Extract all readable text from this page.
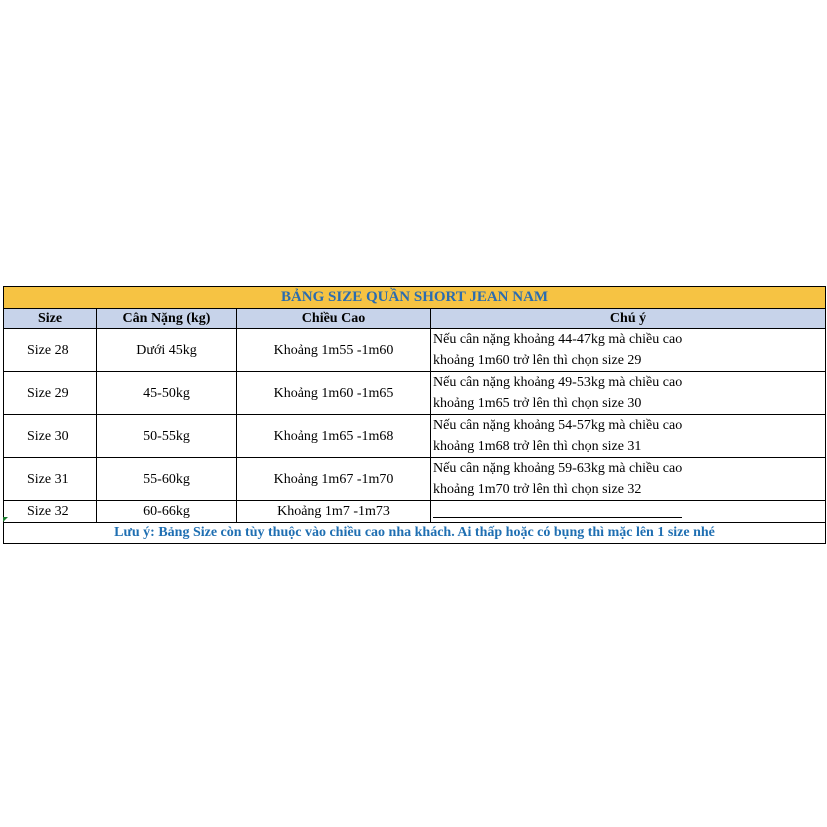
BẢNG SIZE QUẦN SHORT JEAN NAM			
Size	Cân Nặng (kg)	Chiều Cao	Chú ý
Size 28	Dưới 45kg	Khoảng 1m55 -1m60	Nếu cân nặng khoảng 44-47kg mà chiều cao
khoảng 1m60 trở lên thì chọn size 29

Size 29	45-50kg	Khoảng 1m60 -1m65	Nếu cân nặng khoảng 49-53kg mà chiều cao
khoảng 1m65 trở lên thì chọn size 30

Size 30	50-55kg	Khoảng 1m65 -1m68	Nếu cân nặng khoảng 54-57kg mà chiều cao
khoảng 1m68 trở lên thì chọn size 31

Size 31	55-60kg	Khoảng 1m67 -1m70	Nếu cân nặng khoảng 59-63kg mà chiều cao
khoảng 1m70 trở lên thì chọn size 32

Size 32	60-66kg	Khoảng 1m7 -1m73	
Lưu ý: Bảng Size còn tùy thuộc vào chiều cao nha khách. Ai thấp hoặc có bụng thì mặc lên 1 size nhé			
